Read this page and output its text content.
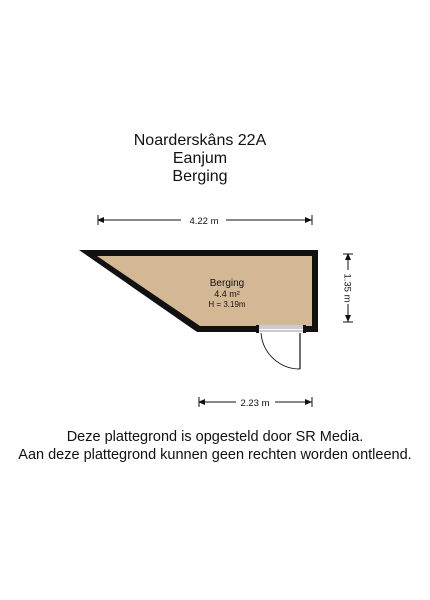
Noarderskâns 22A
Eanjum
Berging
4.22 m
1.35 m
Berging
4.4 m²
H = 3.19m
2.23 m
Deze plattegrond is opgesteld door SR Media.
Aan deze plattegrond kunnen geen rechten worden ontleend.
